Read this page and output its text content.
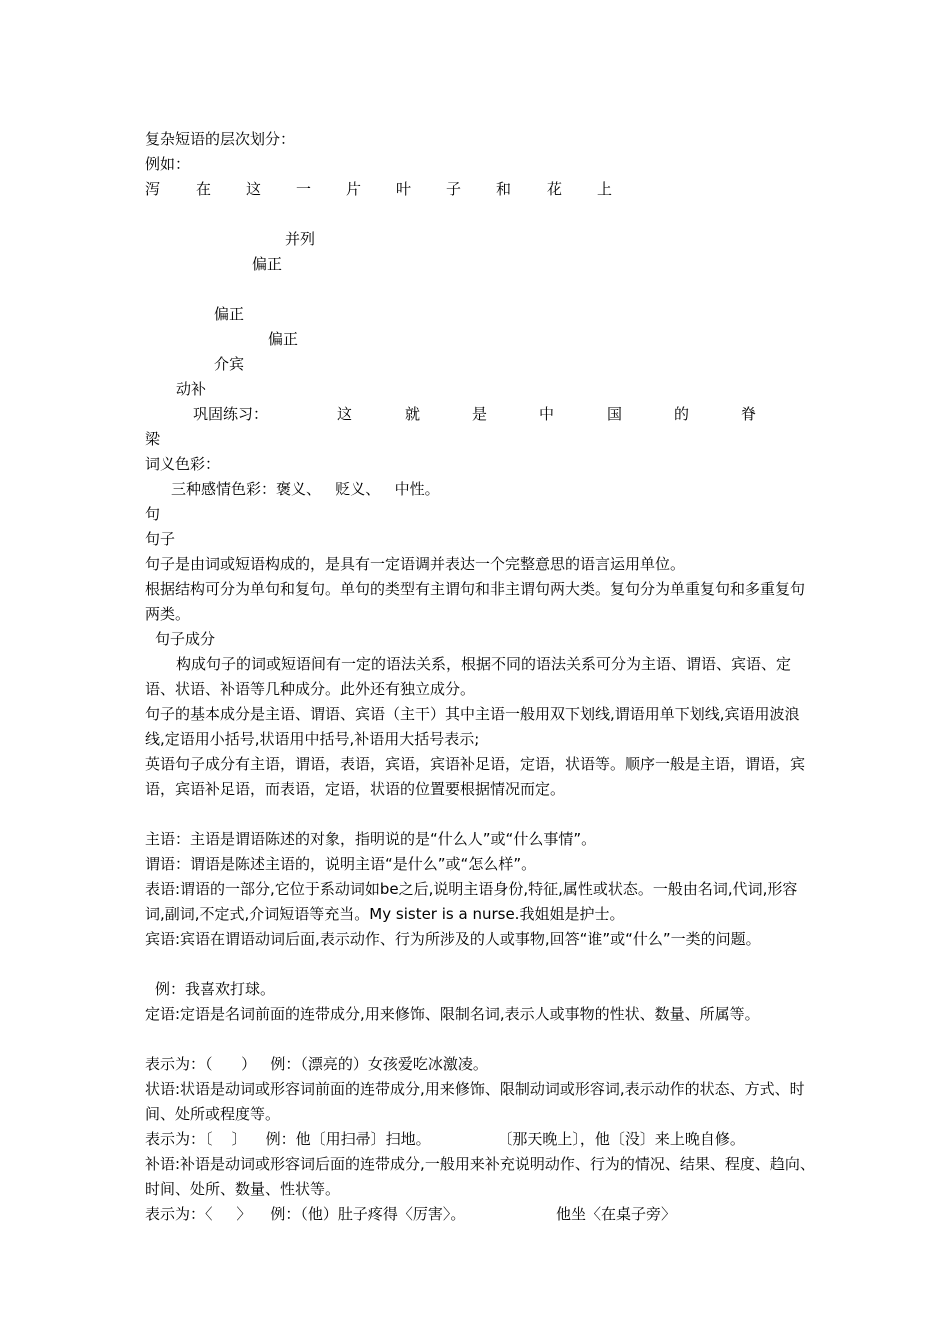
复杂短语的层次划分：
例如：
泻 在 这 一 片 叶 子 和 花 上
并列
偏正
偏正
偏正
介宾
动补
巩固练习：	这	就	是	中	国	的	脊
梁
词义色彩：
三种感情色彩：褒义、   贬义、   中性。
句
句子
句子是由词或短语构成的，是具有一定语调并表达一个完整意思的语言运用单位。
根据结构可分为单句和复句。单句的类型有主谓句和非主谓句两大类。复句分为单重复句和多重复句两类。
句子成分
构成句子的词或短语间有一定的语法关系，根据不同的语法关系可分为主语、谓语、宾语、定语、状语、补语等几种成分。此外还有独立成分。
句子的基本成分是主语、谓语、宾语（主干）其中主语一般用双下划线,谓语用单下划线,宾语用波浪线,定语用小括号,状语用中括号,补语用大括号表示;
英语句子成分有主语，谓语，表语，宾语，宾语补足语，定语，状语等。顺序一般是主语，谓语，宾语，宾语补足语，而表语，定语，状语的位置要根据情况而定。
主语：主语是谓语陈述的对象，指明说的是“什么人”或“什么事情”。
谓语：谓语是陈述主语的，说明主语“是什么”或“怎么样”。
表语:谓语的一部分,它位于系动词如be之后,说明主语身份,特征,属性或状态。一般由名词,代词,形容词,副词,不定式,介词短语等充当。My sister is a nurse.我姐姐是护士。
宾语:宾语在谓语动词后面,表示动作、行为所涉及的人或事物,回答“谁”或“什么”一类的问题。
例：我喜欢打球。
定语:定语是名词前面的连带成分,用来修饰、限制名词,表示人或事物的性状、数量、所属等。
表示为：（      ）   例：（漂亮的）女孩爱吃冰激凌。
状语:状语是动词或形容词前面的连带成分,用来修饰、限制动词或形容词,表示动作的状态、方式、时间、处所或程度等。
表示为：〔    〕    例：他〔用扫帚〕扫地。              〔那天晚上〕，他〔没〕来上晚自修。
补语:补语是动词或形容词后面的连带成分,一般用来补充说明动作、行为的情况、结果、程度、趋向、时间、处所、数量、性状等。
表示为：〈     〉    例：（他）肚子疼得〈厉害〉。                   他坐〈在桌子旁〉
